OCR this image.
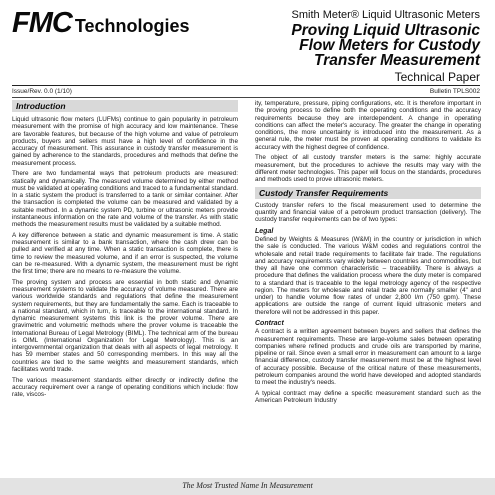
FMC Technologies
Smith Meter® Liquid Ultrasonic Meters
Proving Liquid Ultrasonic
Flow Meters for Custody
Transfer Measurement
Technical Paper
Issue/Rev. 0.0 (1/10)	Bulletin TPLS002
Introduction

Liquid ultrasonic flow meters (LUFMs) continue to gain popularity in petroleum measurement with the promise of high accuracy and low maintenance. These are favorable features, but because of the high volume and value of petroleum products, buyers and sellers must have a high level of confidence in the accuracy of measurement. This assurance in custody transfer measurement is gained by adherence to the standards, procedures and methods that define the measurement process.

There are two fundamental ways that petroleum products are measured: statically and dynamically. The measured volume determined by either method must be validated at operating conditions and traced to a fundamental standard. In a static system the product is transferred to a tank or similar container. After the transaction is completed the volume can be measured and validated by a suitable method. In a dynamic system PD, turbine or ultrasonic meters provide instantaneous information on the rate and volume of the transfer. As with static methods the measurement results must be validated by a suitable method.

A key difference between a static and dynamic measurement is time. A static measurement is similar to a bank transaction, where the cash drew can be pulled and verified at any time. When a static transaction is complete, there is time to review the measured volume, and if an error is suspected, the volume can be re-measured. With a dynamic system, the measurement must be right the first time; there are no means to re-measure the volume.

The proving system and process are essential in both static and dynamic measurement systems to validate the accuracy of volume measured. There are various worldwide standards and regulations that define the measurement system requirements, but they are fundamentally the same. Each is traceable to a national standard, which in turn, is traceable to the international standard. In dynamic measurement systems this link is the prover volume. There are gravimetric and volumetric methods where the prover volume is traceable the International Bureau of Legal Metrology (BIML). The technical arm of the bureau is OIML (International Organization for Legal Metrology). This is an intergovernmental organization that deals with all aspects of legal metrology. It has 59 member states and 50 corresponding members. In this way all the countries are tied to the same weights and measurement standards, which facilitates world trade.

The various measurement standards either directly or indirectly define the accuracy requirement over a range of operating conditions which include: flow rate, viscos-

ity, temperature, pressure, piping configurations, etc. It is therefore important in the proving process to define both the operating conditions and the accuracy requirements because they are interdependent. A change in operating conditions can affect the meter's accuracy. The greater the change in operating conditions, the more uncertainty is introduced into the measurement. As a general rule, the meter must be proven at operating conditions to validate its accuracy with the highest degree of confidence.

The object of all custody transfer meters is the same: highly accurate measurement, but the procedures to achieve the results may vary with the different meter technologies. This paper will focus on the standards, procedures and methods used to prove ultrasonic meters.

Custody Transfer Requirements

Custody transfer refers to the fiscal measurement used to determine the quantity and financial value of a petroleum product transaction (delivery). The custody transfer requirements can be of two types:

Legal

Defined by Weights & Measures (W&M) in the country or jurisdiction in which the sale is conducted. The various W&M codes and regulations control the wholesale and retail trade requirements to facilitate fair trade. The regulations and accuracy requirements vary widely between countries and commodities, but they all have one common characteristic – traceability. There is always a procedure that defines the validation process where the duty meter is compared to a standard that is traceable to the legal metrology agency of the respective region. The meters for wholesale and retail trade are normally smaller (4" and under) to handle volume flow rates of under 2,800 l/m (750 gpm). These applications are outside the range of current liquid ultrasonic meters and therefore will not be addressed in this paper.

Contract

A contract is a written agreement between buyers and sellers that defines the measurement requirements. These are large-volume sales between operating companies where refined products and crude oils are transported by marine, pipeline or rail. Since even a small error in measurement can amount to a large financial difference, custody transfer measurement must be at the highest level of accuracy possible. Because of the critical nature of these measurements, petroleum companies around the world have developed and adopted standards to meet the industry's needs.

A typical contract may define a specific measurement standard such as the American Petroleum Industry

The Most Trusted Name In Measurement
